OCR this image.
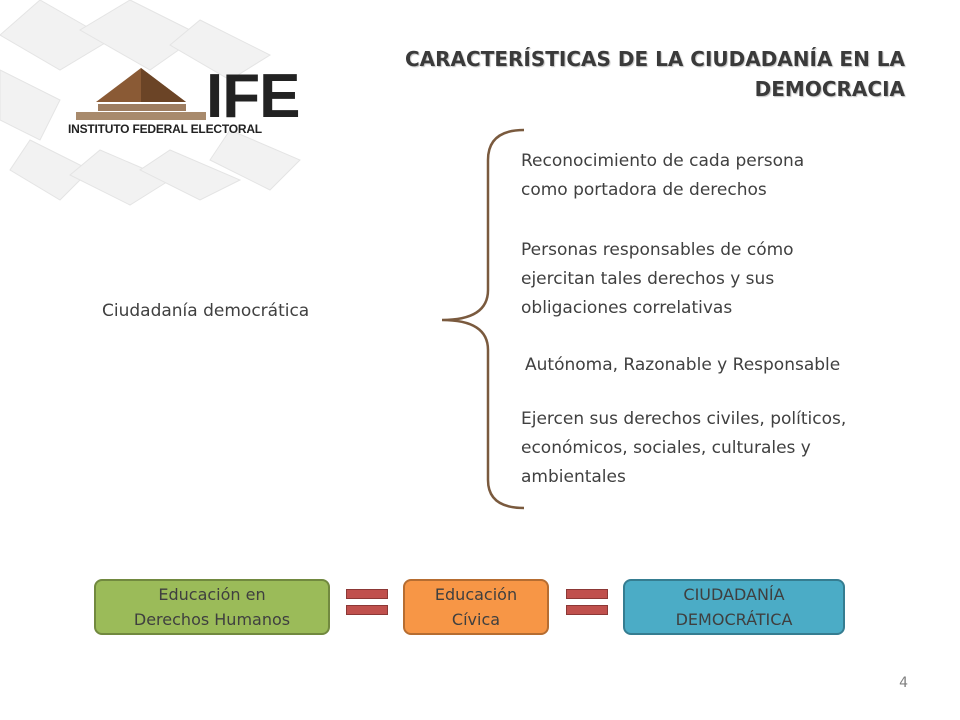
IFE
INSTITUTO FEDERAL ELECTORAL
CARACTERÍSTICAS DE LA CIUDADANÍA EN LA
DEMOCRACIA
Ciudadanía democrática
Reconocimiento de cada persona
como portadora de derechos
Personas responsables de cómo
ejercitan tales derechos y sus
obligaciones correlativas
Autónoma, Razonable y Responsable
Ejercen sus derechos civiles, políticos,
económicos, sociales, culturales y
ambientales
Educación en
Derechos Humanos
Educación
Cívica
CIUDADANÍA
DEMOCRÁTICA
4
